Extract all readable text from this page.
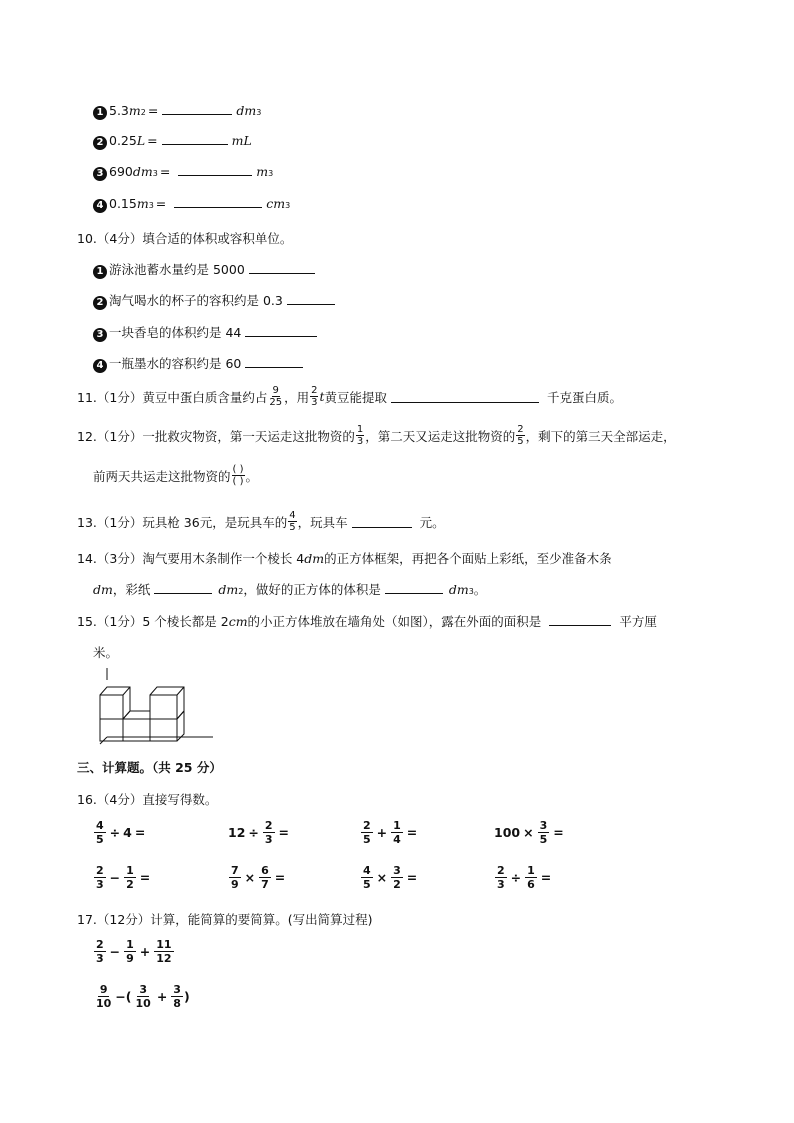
1 5.3 m 2 =	dm 3
2 0.25 L =	mL
3 690 dm 3 =	m 3
4 0.15 m 3 =	cm 3
10.（4分）填合适的体积或容积单位。
1 游泳池蓄水量约是 5000
2 淘气喝水的杯子的容积约是 0.3
3 一块香皂的体积约是 44
4 一瓶墨水的容积约是 60
11.（1分）黄豆中蛋白质含量约占 $\frac{9}{25}$ ，用 $\frac{2}{3}$ t 黄豆能提取	千克蛋白质。
12.（1分）一批救灾物资，第一天运走这批物资的 $\frac{1}{3}$ ，第二天又运走这批物资的 $\frac{2}{5}$ ，剩下的第三天全部运走，
前两天共运走这批物资的 $\frac{( )}{( )}$ 。
13.（1分）玩具枪 36元，是玩具车的 $\frac{4}{5}$ ，玩具车	元。
14.（3分）淘气要用木条制作一个棱长 4 dm 的正方体框架，再把各个面贴上彩纸，至少准备木条
dm ，彩纸	dm 2 ，做好的正方体的体积是	dm 3 。
15.（1分）5 个棱长都是 2 cm 的小正方体堆放在墙角处（如图），露在外面的面积是	平方厘
米。
三、计算题。（共 25 分）
16.（4分）直接写得数。
$\frac{4}{5} \div 4$ =	$12 \div \frac{2}{3}$ =	$\frac{2}{5} + \frac{1}{4}$ =	$100 \times \frac{3}{5}$ =
$\frac{2}{3} - \frac{1}{2}$ =	$\frac{7}{9} \times \frac{6}{7}$ =	$\frac{4}{5} \times \frac{3}{2}$ =	$\frac{2}{3} \div \frac{1}{6}$ =
17.（12分）计算，能简算的要简算。(写出简算过程)
$\frac{2}{3} - \frac{1}{9} + \frac{11}{12}$
$\frac{9}{10}$ −( $\frac{3}{10} + \frac{3}{8}$ )
